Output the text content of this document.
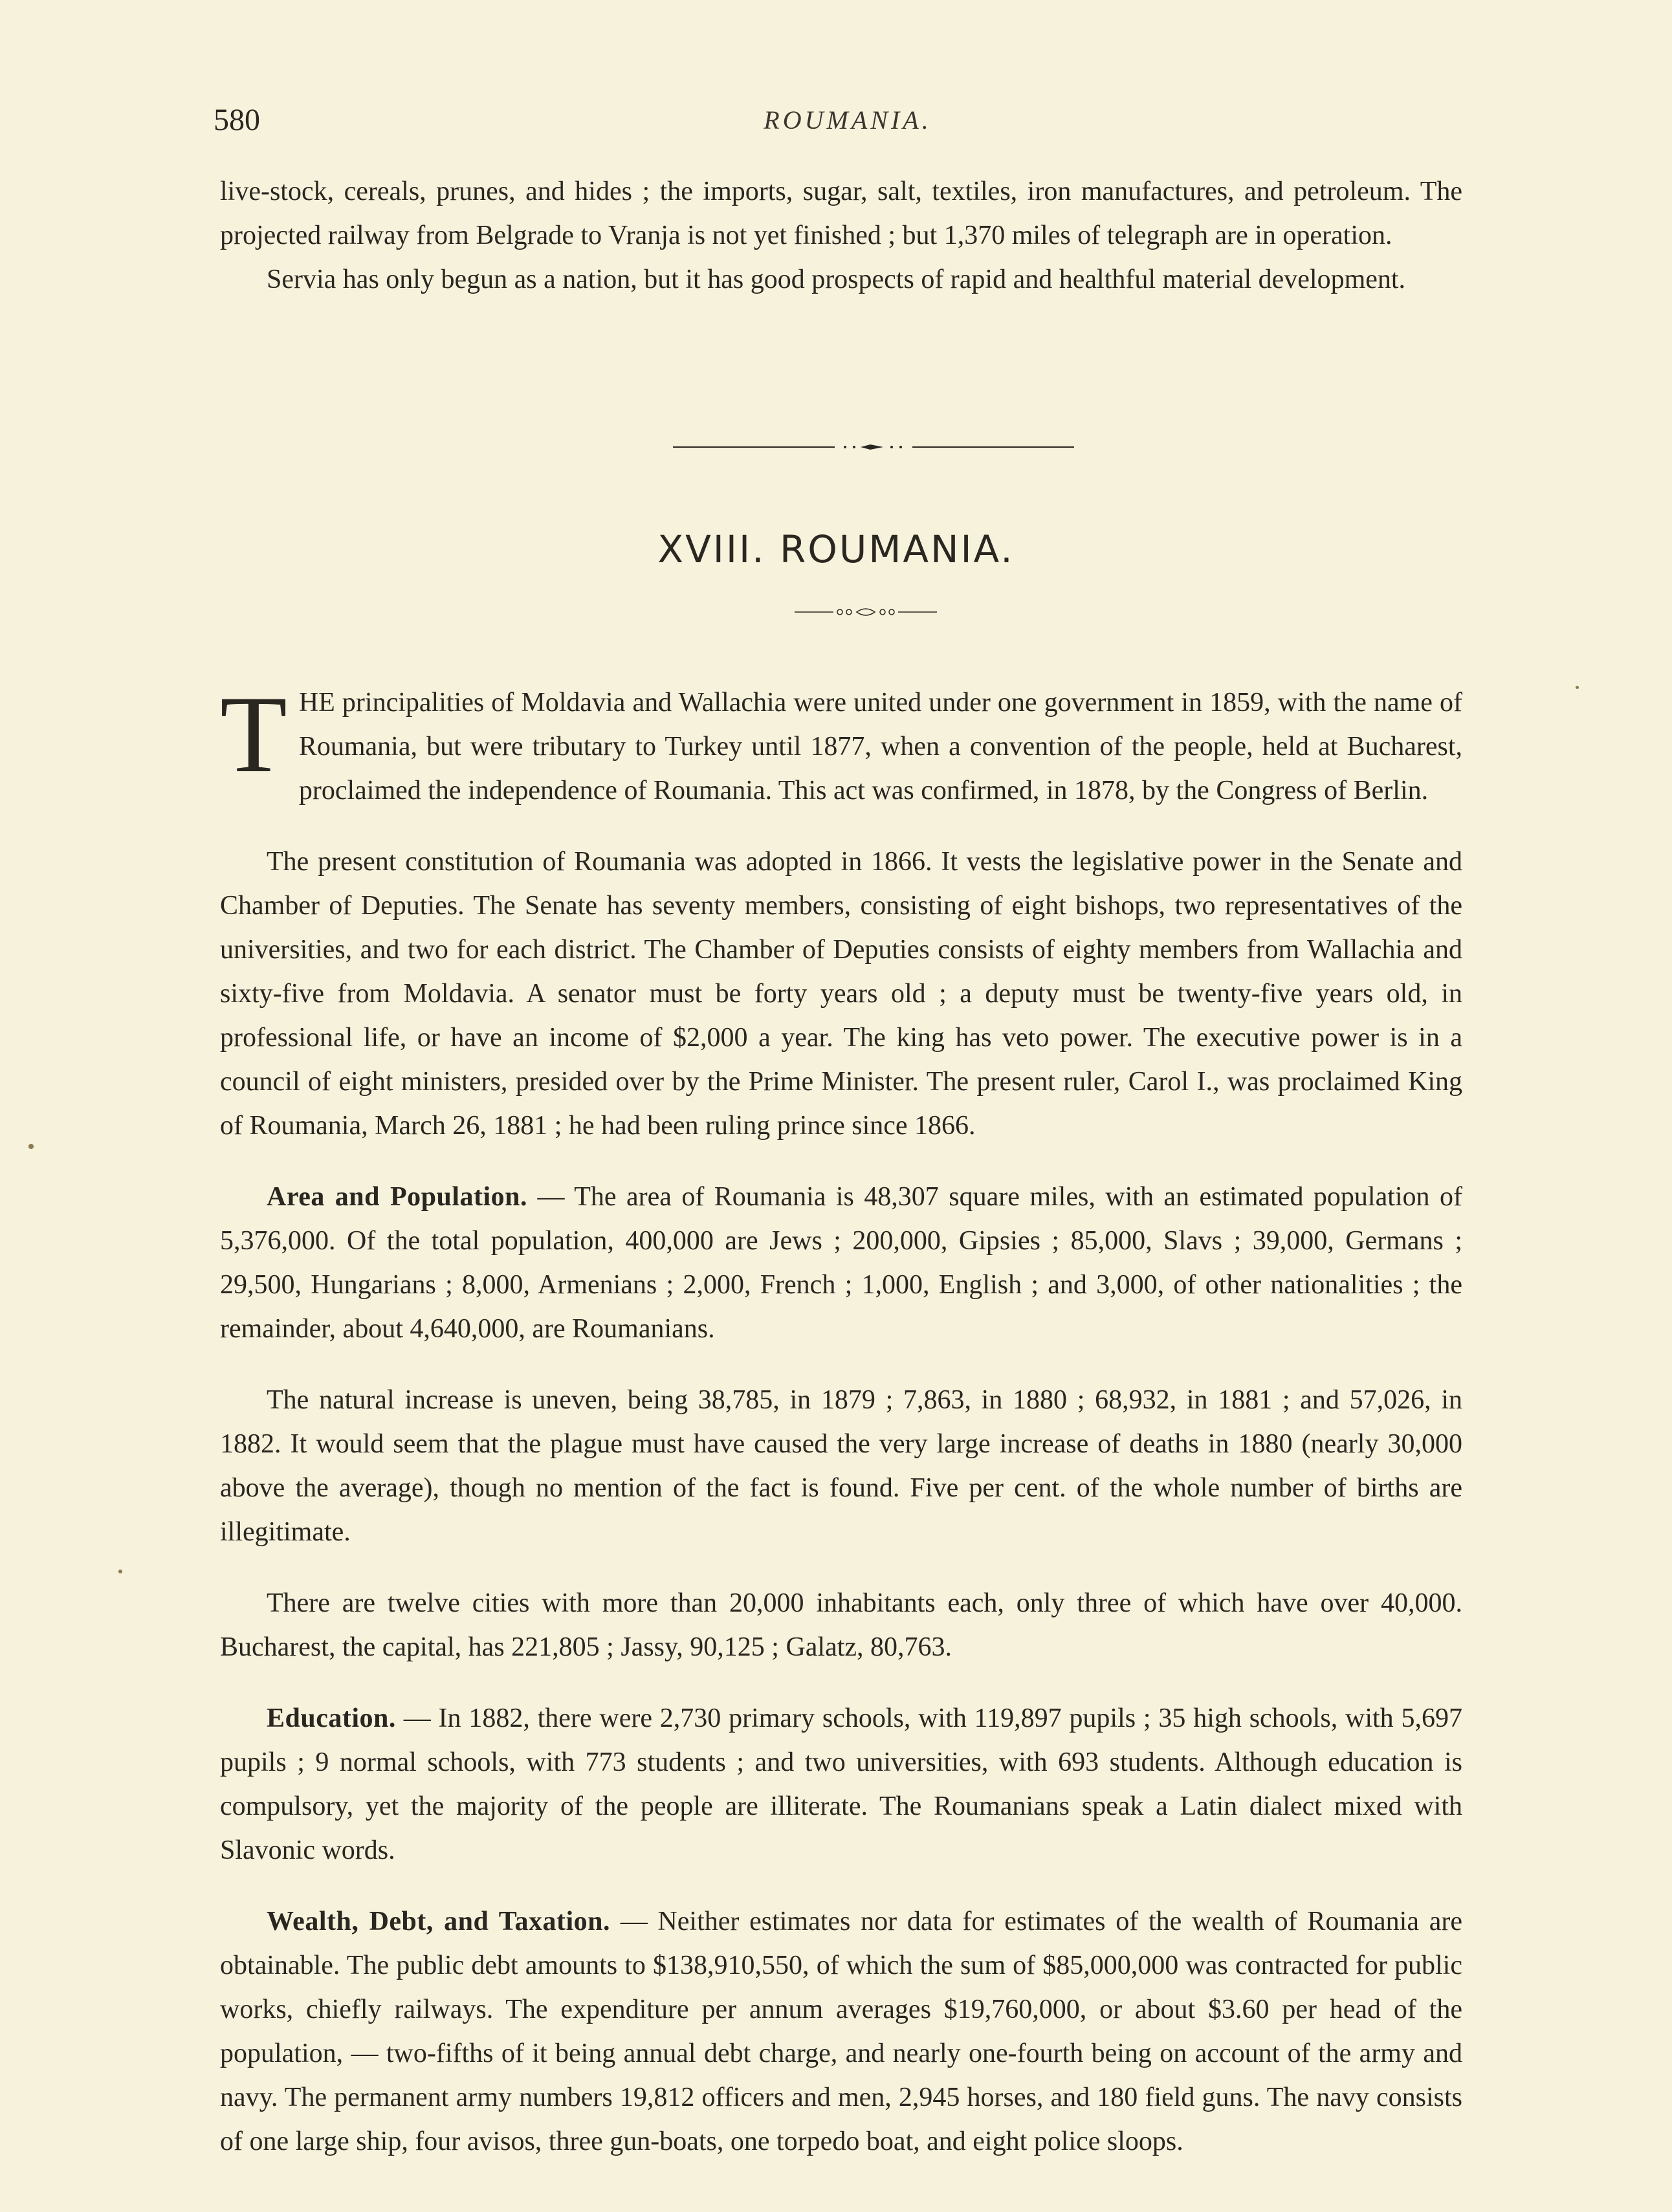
580	ROUMANIA.

live-stock, cereals, prunes, and hides ; the imports, sugar, salt, textiles, iron manufactures, and petroleum. The projected railway from Belgrade to Vranja is not yet finished ; but 1,370 miles of telegraph are in operation.

Servia has only begun as a nation, but it has good prospects of rapid and healthful material development.

XVIII. ROUMANIA.

THE principalities of Moldavia and Wallachia were united under one government in 1859, with the name of Roumania, but were tributary to Turkey until 1877, when a convention of the people, held at Bucharest, proclaimed the independence of Roumania. This act was confirmed, in 1878, by the Congress of Berlin.

The present constitution of Roumania was adopted in 1866. It vests the legislative power in the Senate and Chamber of Deputies. The Senate has seventy members, consisting of eight bishops, two representatives of the universities, and two for each district. The Chamber of Deputies consists of eighty members from Wallachia and sixty-five from Moldavia. A senator must be forty years old ; a deputy must be twenty-five years old, in professional life, or have an income of $2,000 a year. The king has veto power. The executive power is in a council of eight ministers, presided over by the Prime Minister. The present ruler, Carol I., was proclaimed King of Roumania, March 26, 1881 ; he had been ruling prince since 1866.

Area and Population. — The area of Roumania is 48,307 square miles, with an estimated population of 5,376,000. Of the total population, 400,000 are Jews ; 200,000, Gipsies ; 85,000, Slavs ; 39,000, Germans ; 29,500, Hungarians ; 8,000, Armenians ; 2,000, French ; 1,000, English ; and 3,000, of other nationalities ; the remainder, about 4,640,000, are Roumanians.

The natural increase is uneven, being 38,785, in 1879 ; 7,863, in 1880 ; 68,932, in 1881 ; and 57,026, in 1882. It would seem that the plague must have caused the very large increase of deaths in 1880 (nearly 30,000 above the average), though no mention of the fact is found. Five per cent. of the whole number of births are illegitimate.

There are twelve cities with more than 20,000 inhabitants each, only three of which have over 40,000. Bucharest, the capital, has 221,805 ; Jassy, 90,125 ; Galatz, 80,763.

Education. — In 1882, there were 2,730 primary schools, with 119,897 pupils ; 35 high schools, with 5,697 pupils ; 9 normal schools, with 773 students ; and two universities, with 693 students. Although education is compulsory, yet the majority of the people are illiterate. The Roumanians speak a Latin dialect mixed with Slavonic words.

Wealth, Debt, and Taxation. — Neither estimates nor data for estimates of the wealth of Roumania are obtainable. The public debt amounts to $138,910,550, of which the sum of $85,000,000 was contracted for public works, chiefly railways. The expenditure per annum averages $19,760,000, or about $3.60 per head of the population, — two-fifths of it being annual debt charge, and nearly one-fourth being on account of the army and navy. The permanent army numbers 19,812 officers and men, 2,945 horses, and 180 field guns. The navy consists of one large ship, four avisos, three gun-boats, one torpedo boat, and eight police sloops.
